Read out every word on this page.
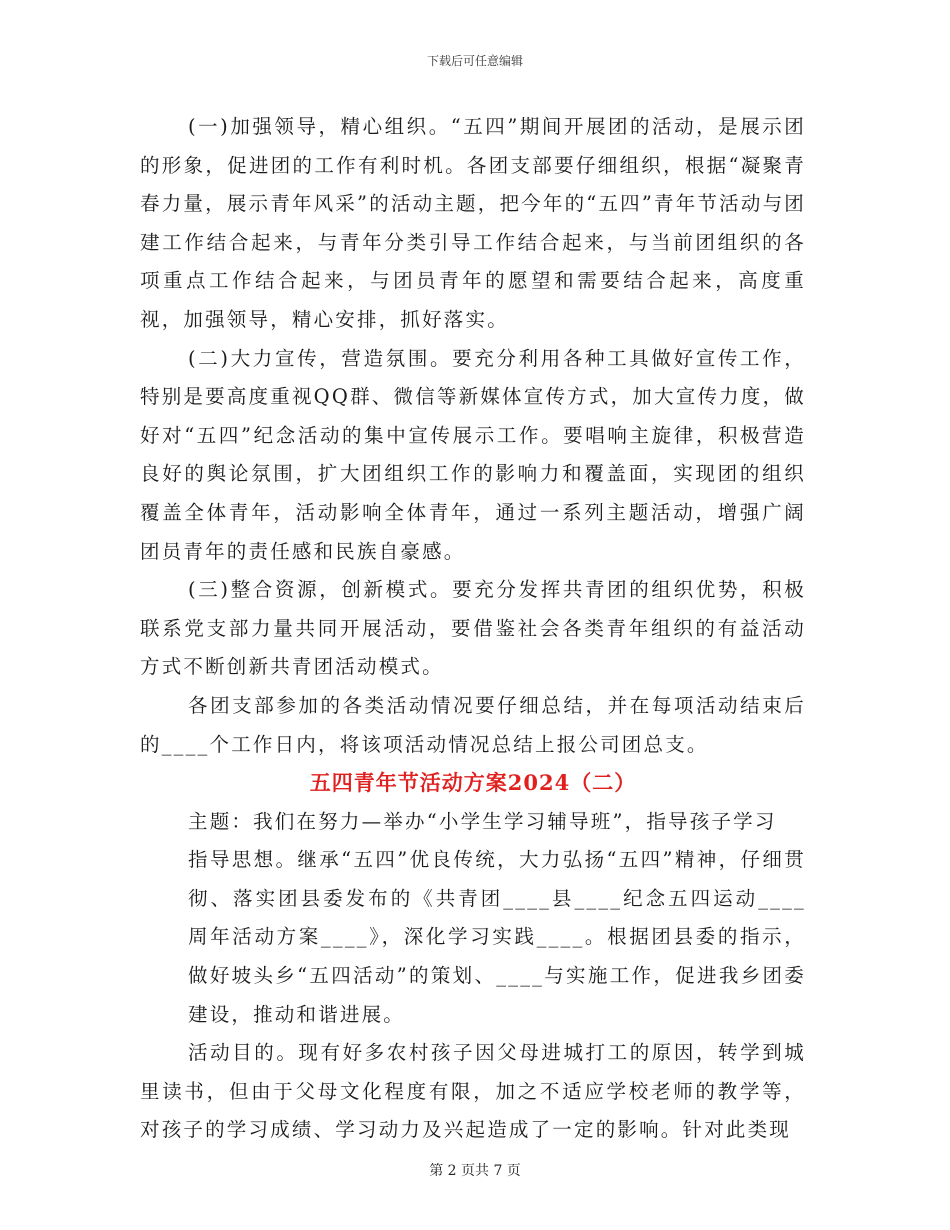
下载后可任意编辑

(一)加强领导，精心组织。“五四”期间开展团的活动，是展示团的形象，促进团的工作有利时机。各团支部要仔细组织，根据“凝聚青春力量，展示青年风采”的活动主题，把今年的“五四”青年节活动与团建工作结合起来，与青年分类引导工作结合起来，与当前团组织的各项重点工作结合起来，与团员青年的愿望和需要结合起来，高度重视，加强领导，精心安排，抓好落实。

(二)大力宣传，营造氛围。要充分利用各种工具做好宣传工作，特别是要高度重视QQ群、微信等新媒体宣传方式，加大宣传力度，做好对“五四”纪念活动的集中宣传展示工作。要唱响主旋律，积极营造良好的舆论氛围，扩大团组织工作的影响力和覆盖面，实现团的组织覆盖全体青年，活动影响全体青年，通过一系列主题活动，增强广阔团员青年的责任感和民族自豪感。

(三)整合资源，创新模式。要充分发挥共青团的组织优势，积极联系党支部力量共同开展活动，要借鉴社会各类青年组织的有益活动方式不断创新共青团活动模式。

各团支部参加的各类活动情况要仔细总结，并在每项活动结束后的____个工作日内，将该项活动情况总结上报公司团总支。

五四青年节活动方案2024（二）

主题：我们在努力—举办“小学生学习辅导班”，指导孩子学习

指导思想。继承“五四”优良传统，大力弘扬“五四”精神，仔细贯彻、落实团县委发布的《共青团____县____纪念五四运动____周年活动方案____》，深化学习实践____。根据团县委的指示，做好坡头乡“五四活动”的策划、____与实施工作，促进我乡团委建设，推动和谐进展。

活动目的。现有好多农村孩子因父母进城打工的原因，转学到城里读书，但由于父母文化程度有限，加之不适应学校老师的教学等，对孩子的学习成绩、学习动力及兴起造成了一定的影响。针对此类现

第 2 页共 7 页
